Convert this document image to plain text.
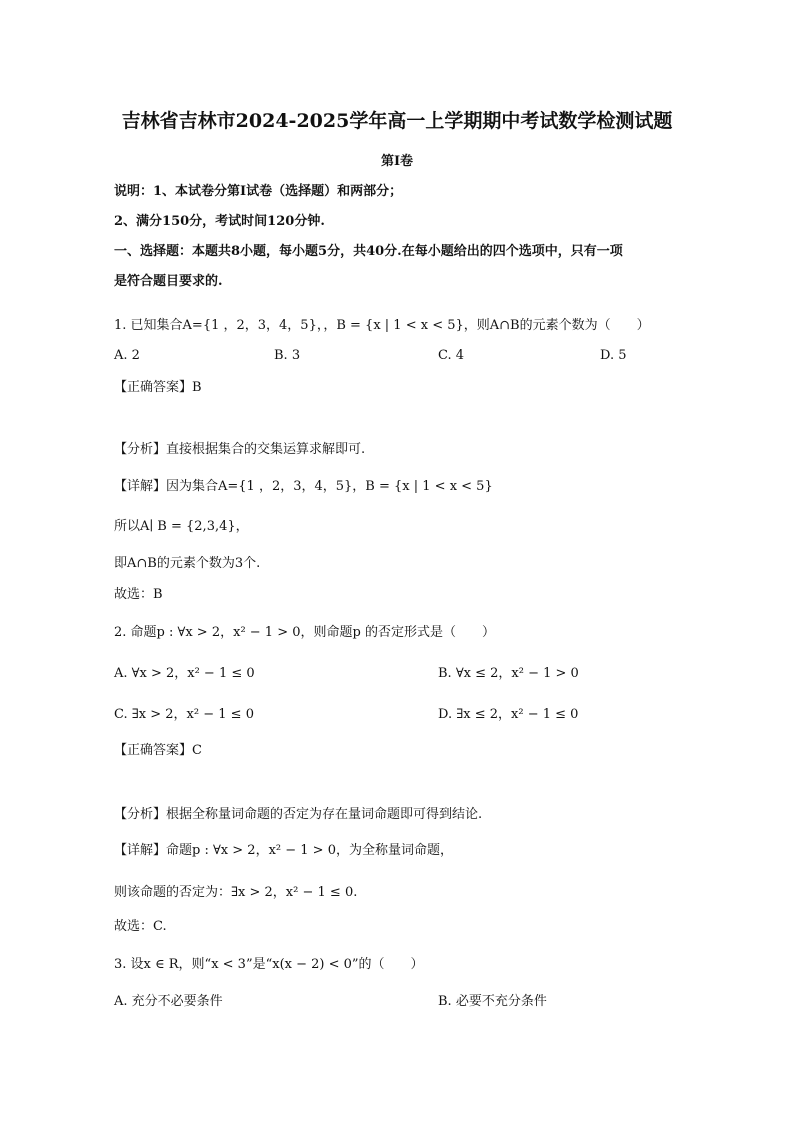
吉林省吉林市2024-2025学年高一上学期期中考试数学检测试题
第I卷
说明：1、本试卷分第I试卷（选择题）和两部分；
2、满分150分，考试时间120分钟.
一、选择题：本题共8小题，每小题5分，共40分.在每小题给出的四个选项中，只有一项
是符合题目要求的.
1. 已知集合A={1 ，2，3，4，5}，，B = {x | 1 < x < 5}，则A∩B的元素个数为（　　）
A. 2	B. 3	C. 4	D. 5
【正确答案】B
【分析】直接根据集合的交集运算求解即可.
【详解】因为集合A={1 ，2，3，4，5}，B = {x | 1 < x < 5}
所以A∣ B = {2,3,4}，
即A∩B的元素个数为3个.
故选：B
2. 命题p : ∀x > 2，x² − 1 > 0，则命题p 的否定形式是（　　）
A. ∀x > 2，x² − 1 ≤ 0	B. ∀x ≤ 2，x² − 1 > 0
C. ∃x > 2，x² − 1 ≤ 0	D. ∃x ≤ 2，x² − 1 ≤ 0
【正确答案】C
【分析】根据全称量词命题的否定为存在量词命题即可得到结论.
【详解】命题p : ∀x > 2，x² − 1 > 0，为全称量词命题，
则该命题的否定为：∃x > 2，x² − 1 ≤ 0.
故选：C.
3. 设x ∈ R，则“x < 3”是“x(x − 2) < 0”的（　　）
A. 充分不必要条件	B. 必要不充分条件
